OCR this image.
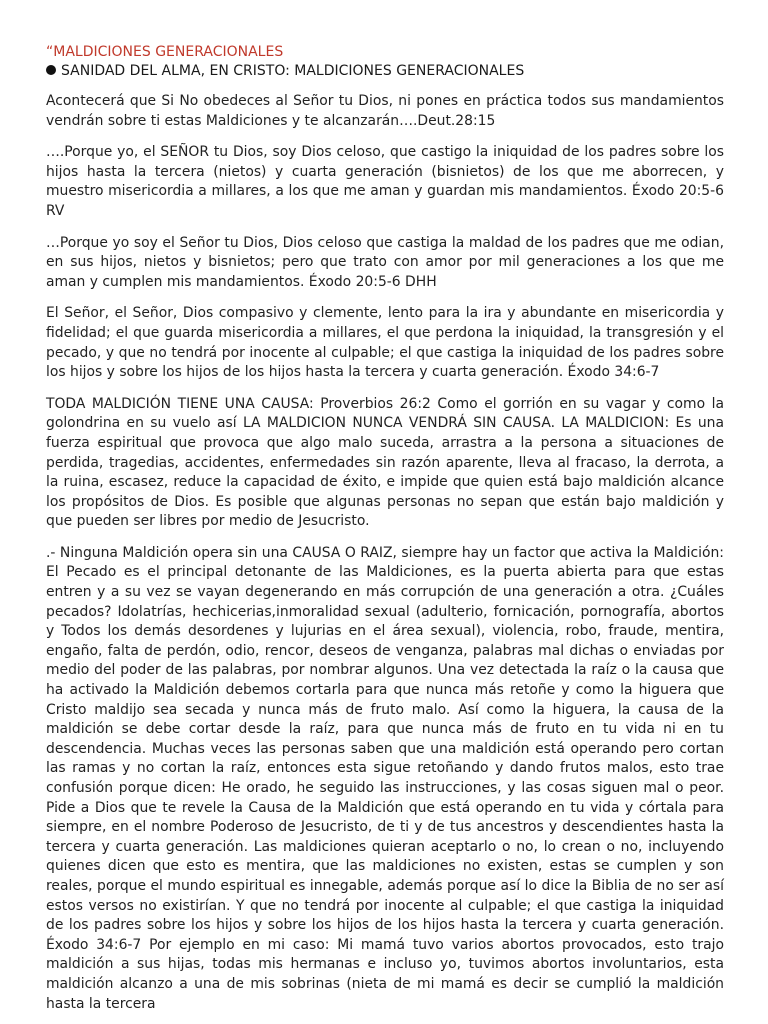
“MALDICIONES GENERACIONALES
SANIDAD DEL ALMA, EN CRISTO: MALDICIONES GENERACIONALES

Acontecerá que Si No obedeces al Señor tu Dios, ni pones en práctica todos sus mandamientos vendrán sobre ti estas Maldiciones y te alcanzarán….Deut.28:15

….Porque yo, el SEÑOR tu Dios, soy Dios celoso, que castigo la iniquidad de los padres sobre los hijos hasta la tercera (nietos) y cuarta generación (bisnietos) de los que me aborrecen, y muestro misericordia a millares, a los que me aman y guardan mis mandamientos. Éxodo 20:5-6 RV

…Porque yo soy el Señor tu Dios, Dios celoso que castiga la maldad de los padres que me odian, en sus hijos, nietos y bisnietos; pero que trato con amor por mil generaciones a los que me aman y cumplen mis mandamientos. Éxodo 20:5-6 DHH

El Señor, el Señor, Dios compasivo y clemente, lento para la ira y abundante en misericordia y fidelidad; el que guarda misericordia a millares, el que perdona la iniquidad, la transgresión y el pecado, y que no tendrá por inocente al culpable; el que castiga la iniquidad de los padres sobre los hijos y sobre los hijos de los hijos hasta la tercera y cuarta generación. Éxodo 34:6-7

TODA MALDICIÓN TIENE UNA CAUSA: Proverbios 26:2 Como el gorrión en su vagar y como la golondrina en su vuelo así LA MALDICION NUNCA VENDRÁ SIN CAUSA. LA MALDICION: Es una fuerza espiritual que provoca que algo malo suceda, arrastra a la persona a situaciones de perdida, tragedias, accidentes, enfermedades sin razón aparente, lleva al fracaso, la derrota, a la ruina, escasez, reduce la capacidad de éxito, e impide que quien está bajo maldición alcance los propósitos de Dios. Es posible que algunas personas no sepan que están bajo maldición y que pueden ser libres por medio de Jesucristo.

.- Ninguna Maldición opera sin una CAUSA O RAIZ, siempre hay un factor que activa la Maldición: El Pecado es el principal detonante de las Maldiciones, es la puerta abierta para que estas entren y a su vez se vayan degenerando en más corrupción de una generación a otra. ¿Cuáles pecados? Idolatrías, hechicerias,inmoralidad sexual (adulterio, fornicación, pornografía, abortos y Todos los demás desordenes y lujurias en el área sexual), violencia, robo, fraude, mentira, engaño, falta de perdón, odio, rencor, deseos de venganza, palabras mal dichas o enviadas por medio del poder de las palabras, por nombrar algunos. Una vez detectada la raíz o la causa que ha activado la Maldición debemos cortarla para que nunca más retoñe y como la higuera que Cristo maldijo sea secada y nunca más de fruto malo. Así como la higuera, la causa de la maldición se debe cortar desde la raíz, para que nunca más de fruto en tu vida ni en tu descendencia. Muchas veces las personas saben que una maldición está operando pero cortan las ramas y no cortan la raíz, entonces esta sigue retoñando y dando frutos malos, esto trae confusión porque dicen: He orado, he seguido las instrucciones, y las cosas siguen mal o peor. Pide a Dios que te revele la Causa de la Maldición que está operando en tu vida y córtala para siempre, en el nombre Poderoso de Jesucristo, de ti y de tus ancestros y descendientes hasta la tercera y cuarta generación. Las maldiciones quieran aceptarlo o no, lo crean o no, incluyendo quienes dicen que esto es mentira, que las maldiciones no existen, estas se cumplen y son reales, porque el mundo espiritual es innegable, además porque así lo dice la Biblia de no ser así estos versos no existirían. Y que no tendrá por inocente al culpable; el que castiga la iniquidad de los padres sobre los hijos y sobre los hijos de los hijos hasta la tercera y cuarta generación. Éxodo 34:6-7 Por ejemplo en mi caso: Mi mamá tuvo varios abortos provocados, esto trajo maldición a sus hijas, todas mis hermanas e incluso yo, tuvimos abortos involuntarios, esta maldición alcanzo a una de mis sobrinas (nieta de mi mamá es decir se cumplió la maldición hasta la tercera
